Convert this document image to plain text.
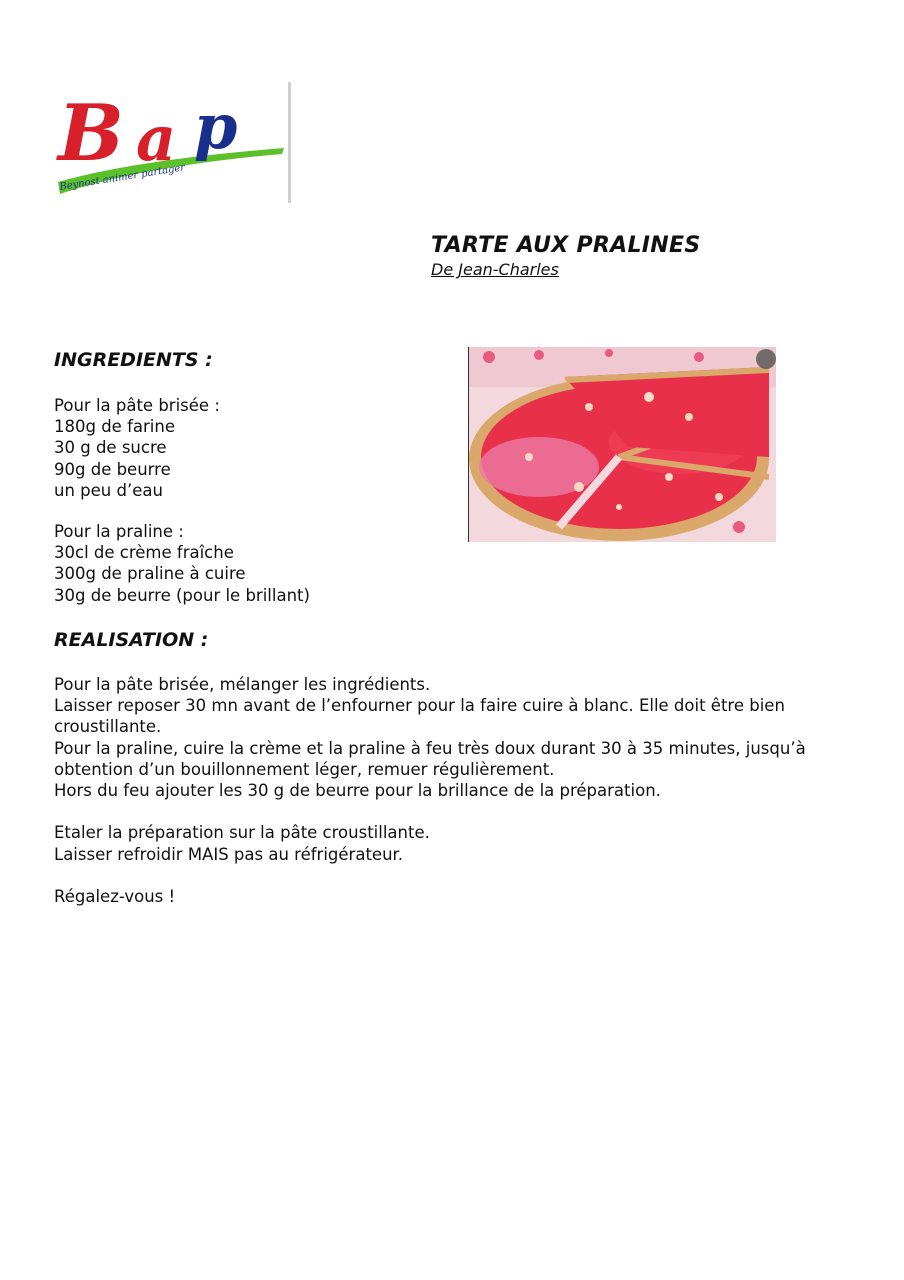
B a p
Beynost animer partager
TARTE AUX PRALINES

De Jean-Charles

INGREDIENTS :
Pour la pâte brisée :
180g de farine
30 g de sucre
90g de beurre
un peu d’eau
Pour la praline :
30cl de crème fraîche
300g de praline à cuire
30g de beurre (pour le brillant)
REALISATION :
Pour la pâte brisée, mélanger les ingrédients.
Laisser reposer 30 mn avant de l’enfourner pour la faire cuire à blanc. Elle doit être bien croustillante.
Pour la praline, cuire la crème et la praline à feu très doux durant 30 à 35 minutes, jusqu’à obtention d’un bouillonnement léger, remuer régulièrement.
Hors du feu ajouter les 30 g de beurre pour la brillance de la préparation.
Etaler la préparation sur la pâte croustillante.
Laisser refroidir MAIS pas au réfrigérateur.
Régalez-vous !
